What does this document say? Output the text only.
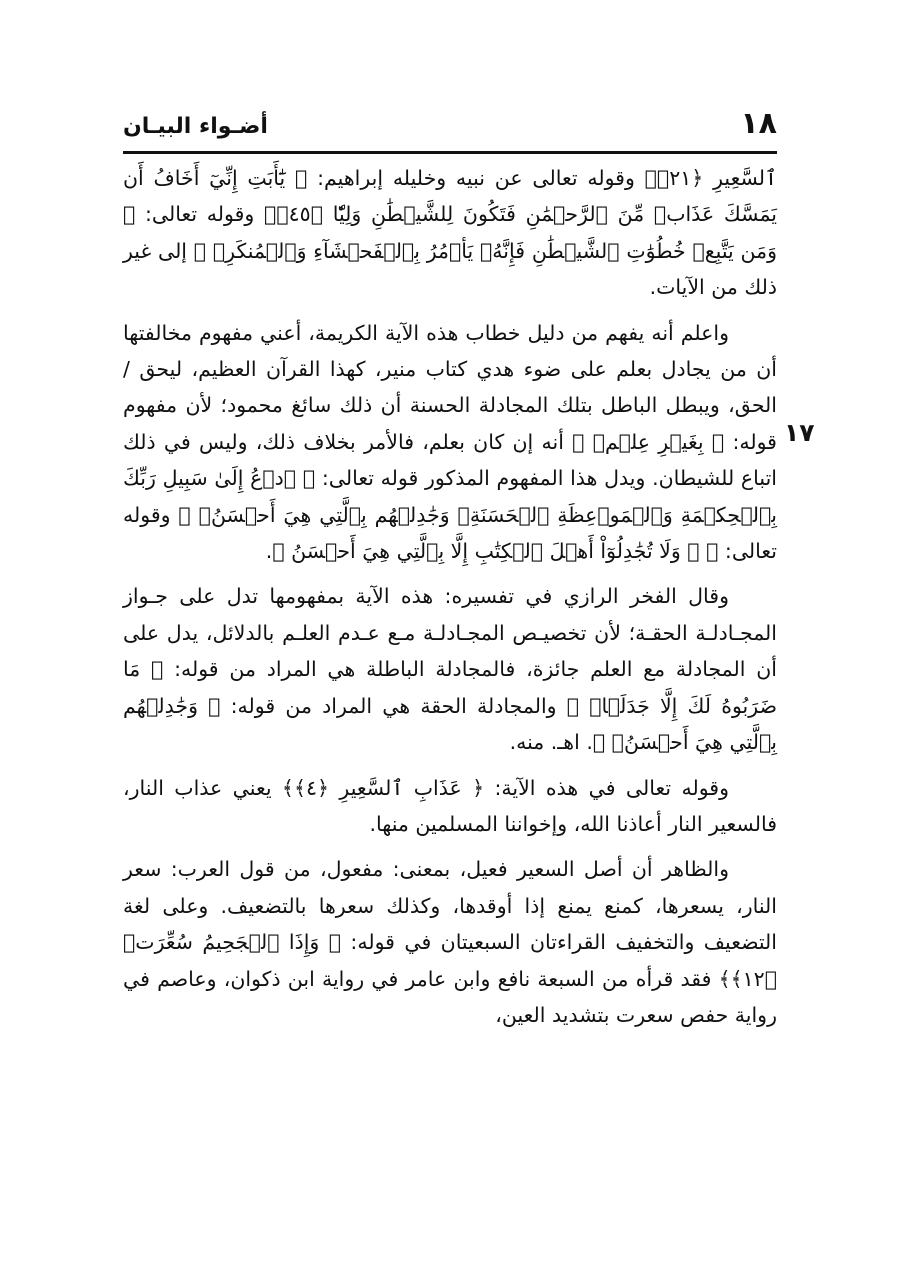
١٨
أضـواء البيـان
١٧

ٱلسَّعِيرِ ﴿٢١﴾﴾ وقوله تعالى عن نبيه وخليله إبراهيم: ﴿ يَٰٓأَبَتِ إِنِّيٓ أَخَافُ أَن يَمَسَّكَ عَذَابٞ مِّنَ ٱلرَّحۡمَٰنِ فَتَكُونَ لِلشَّيۡطَٰنِ وَلِيّٗا ﴿٤٥﴾﴾ وقوله تعالى: ﴿ وَمَن يَتَّبِعۡ خُطُوَٰتِ ٱلشَّيۡطَٰنِ فَإِنَّهُۥ يَأۡمُرُ بِٱلۡفَحۡشَآءِ وَٱلۡمُنكَرِۚ ﴾ إلى غير ذلك من الآيات.

واعلم أنه يفهم من دليل خطاب هذه الآية الكريمة، أعني مفهوم مخالفتها أن من يجادل بعلم على ضوء هدي كتاب منير، كهذا القرآن العظيم، ليحق / الحق، ويبطل الباطل بتلك المجادلة الحسنة أن ذلك سائغ محمود؛ لأن مفهوم قوله: ﴿ بِغَيۡرِ عِلۡمٖ ﴾ أنه إن كان بعلم، فالأمر بخلاف ذلك، وليس في ذلك اتباع للشيطان. ويدل هذا المفهوم المذكور قوله تعالى: ﴿ ٱدۡعُ إِلَىٰ سَبِيلِ رَبِّكَ بِٱلۡحِكۡمَةِ وَٱلۡمَوۡعِظَةِ ٱلۡحَسَنَةِۖ وَجَٰدِلۡهُم بِٱلَّتِي هِيَ أَحۡسَنُۚ ﴾ وقوله تعالى: ﴿ ۞ وَلَا تُجَٰدِلُوٓاْ أَهۡلَ ٱلۡكِتَٰبِ إِلَّا بِٱلَّتِي هِيَ أَحۡسَنُ ﴾.

وقال الفخر الرازي في تفسيره: هذه الآية بمفهومها تدل على جـواز المجـادلـة الحقـة؛ لأن تخصيـص المجـادلـة مـع عـدم العلـم بالدلائل، يدل على أن المجادلة مع العلم جائزة، فالمجادلة الباطلة هي المراد من قوله: ﴿ مَا ضَرَبُوهُ لَكَ إِلَّا جَدَلَۢاۚ ﴾ والمجادلة الحقة هي المراد من قوله: ﴿ وَجَٰدِلۡهُم بِٱلَّتِي هِيَ أَحۡسَنُۚ ﴾. اهـ. منه.

وقوله تعالى في هذه الآية: ﴿ عَذَابِ ٱلسَّعِيرِ ﴿٤﴾﴾ يعني عذاب النار، فالسعير النار أعاذنا الله، وإخواننا المسلمين منها.

والظاهر أن أصل السعير فعيل، بمعنى: مفعول، من قول العرب: سعر النار، يسعرها، كمنع يمنع إذا أوقدها، وكذلك سعرها بالتضعيف. وعلى لغة التضعيف والتخفيف القراءتان السبعيتان في قوله: ﴿ وَإِذَا ٱلۡجَحِيمُ سُعِّرَتۡ ﴿١٢﴾﴾ فقد قرأه من السبعة نافع وابن عامر في رواية ابن ذكوان، وعاصم في رواية حفص سعرت بتشديد العين،
